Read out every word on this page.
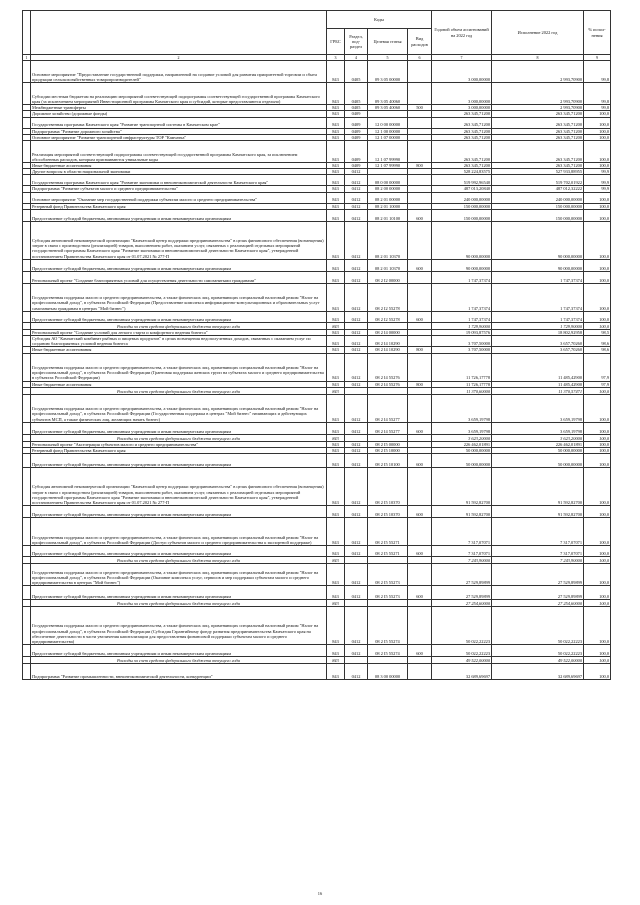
		Коды				Годовой объем ассигнований на 2022 год	Исполнение 2022 год	% испол-нения
		ГРБС	Раздел, под-раздел	Целевая статья	Вид расходов			
1	2	3	4	5	6	7	8	9
	Основное мероприятие "Предоставление государственной поддержки, направленной на создание условий для развития приоритетной торговли и сбыта продукции сельскохозяйственных товаропроизводителей"	843	0405	09 3 05 00000		3 000,00000	2 993,70900	99,8
	Субсидии местным бюджетам на реализацию мероприятий соответствующей подпрограммы соответствующей государственной программы Камчатского края (за исключением мероприятий Инвестиционной программы Камчатского края и субсидий, которые предоставляются отдельно)	843	0405	09 3 05 40060		3 000,00000	2 993,70900	99,8
	Межбюджетные трансферты	843	0405	09 3 05 40060	500	3 000,00000	2 993,70900	99,8
	Дорожное хозяйство (дорожные фонды)	843	0409			263 345,71200	263 345,71200	100,0
	Государственная программа Камчатского края "Развитие транспортной системы в Камчатском крае"	843	0409	12 0 00 00000		263 345,71200	263 345,71200	100,0
	Подпрограмма "Развитие дорожного хозяйства"	843	0409	12 1 00 00000		263 345,71200	263 345,71200	100,0
	Основное мероприятие "Развитие транспортной инфраструктуры ТОР "Камчатка"	843	0409	12 1 07 00000		263 345,71200	263 345,71200	100,0
	Реализация мероприятий соответствующей подпрограммы соответствующей государственной программы Камчатского края, за исключением обособленных расходов, которым присваиваются уникальные коды	843	0409	12 1 07 99990		263 345,71200	263 345,71200	100,0
	Иные бюджетные ассигнования	843	0409	12 1 07 99990	800	263 345,71200	263 345,71200	100,0
	Другие вопросы в области национальной экономики	843	0412			528 224,83575	527 933,88955	99,9
	Государственная программа Камчатского края "Развитие экономики и внешнеэкономической деятельности Камчатского края"	843	0412	08 0 00 00000		519 992,96540	519 702,01922	99,9
	Подпрограмма "Развитие субъектов малого и среднего предпринимательства"	843	0412	08 2 00 00000		487 013,20840	487 012,32222	99,9
	Основное мероприятие "Оказание мер государственной поддержки субъектам малого и среднего предпринимательства"	843	0412	08 2 01 00000		240 000,00000	240 000,00000	100,0
	Резервный фонд Правительства Камчатского края	843	0412	08 2 01 10000		150 000,00000	150 000,00000	100,0
	Предоставление субсидий бюджетным, автономным учреждениям и иным некоммерческим организациям	843	0412	08 2 01 10100	600	150 000,00000	150 000,00000	100,0
	Субсидия автономной некоммерческой организации "Камчатский центр поддержки предпринимательства" в целях финансового обеспечения (возмещения) затрат в связи с производством (реализацией) товаров, выполнением работ, оказанием услуг, связанных с реализацией отдельных мероприятий государственной программы Камчатского края "Развитие экономики и внешнеэкономической деятельности Камчатского края", утвержденной постановлением Правительства Камчатского края от 01.07.2021 № 277-П	843	0412	08 2 01 10370		90 000,00000	90 000,00000	100,0
	Предоставление субсидий бюджетным, автономным учреждениям и иным некоммерческим организациям	843	0412	08 2 01 10370	600	90 000,00000	90 000,00000	100,0
	Региональный проект "Создание благоприятных условий для осуществления деятельности самозанятыми гражданами"	843	0412	08 2 I2 00000		1 747,37374	1 747,37374	100,0
	Государственная поддержка малого и среднего предпринимательства, а также физических лиц, применяющих специальный налоговый режим "Налог на профессиональный доход", в субъектах Российской Федерации (Предоставление комплекса информационно-консультационных и образовательных услуг самозанятым гражданам в центрах "Мой бизнес")	843	0412	08 2 I2 55278		1 747,37374	1 747,37374	100,0
	Предоставление субсидий бюджетным, автономным учреждениям и иным некоммерческим организациям	843	0412	08 2 I2 55278	600	1 747,37374	1 747,37374	100,0
	Расходы за счет средств федерального бюджета текущего года	843				1 729,90000	1 729,90000	100,0
	Региональный проект "Создание условий для легкого старта и комфортного ведения бизнеса"	843	0412	08 2 I4 00000		19 093,87576	18 802,92958	98,5
	Субсидия АО "Камчатский комбинат рыбных и пищевых продуктов" в целях возмещения недополученных доходов, связанных с оказанием услуг по созданию благоприятных условий ведения бизнеса	843	0412	08 2 I4 10290		3 707,50000	3 657,70260	98,6
	Иные бюджетные ассигнования	843	0412	08 2 I4 10290	800	3 707,50000	3 657,70260	98,6
	Государственная поддержка малого и среднего предпринимательства, а также физических лиц, применяющих специальный налоговый режим "Налог на профессиональный доход", в субъектах Российской Федерации (Грантовая поддержка женских групп на субъектах малого и среднего предпринимательства в субъектах Российской Федерации)	843	0412	08 2 I4 55276		11 726,17778	11 485,42900	97,9
	Иные бюджетные ассигнования	843	0412	08 2 I4 55276	800	11 726,17778	11 485,42900	97,9
	Расходы за счет средств федерального бюджета текущего года	843				11 370,60000	11 370,57471	100,0
	Государственная поддержка малого и среднего предпринимательства, а также физических лиц, применяющих специальный налоговый режим "Налог на профессиональный доход", в субъектах Российской Федерации (Государственная поддержка в центрах "Мой бизнес" начинающих и действующих субъектов МСП, а также физических лиц, желающих начать бизнес)	843	0412	08 2 I4 55277		3 659,19798	3 659,19798	100,0
	Предоставление субсидий бюджетным, автономным учреждениям и иным некоммерческим организациям	843	0412	08 2 I4 55277	600	3 659,19798	3 659,19798	100,0
	Расходы за счет средств федерального бюджета текущего года	843				3 623,20000	3 623,20000	100,0
	Региональный проект "Акселерация субъектов малого и среднего предпринимательства"	843	0412	08 2 I5 00000		226 462,01891	226 462,01891	100,0
	Резервный фонд Правительства Камчатского края	843	0412	08 2 I5 10000		50 000,00000	50 000,00000	100,0
	Предоставление субсидий бюджетным, автономным учреждениям и иным некоммерческим организациям	843	0412	08 2 I5 10100	600	50 000,00000	50 000,00000	100,0
	Субсидия автономной некоммерческой организации "Камчатский центр поддержки предпринимательства" в целях финансового обеспечения (возмещения) затрат в связи с производством (реализацией) товаров, выполнением работ, оказанием услуг, связанных с реализацией отдельных мероприятий государственной программы Камчатского края "Развитие экономики и внешнеэкономической деятельности Камчатского края", утвержденной постановлением Правительства Камчатского края от 01.07.2021 № 277-П	843	0412	08 2 I5 10370		91 592,82700	91 592,82700	100,0
	Предоставление субсидий бюджетным, автономным учреждениям и иным некоммерческим организациям	843	0412	08 2 I5 10370	600	91 592,82700	91 592,82700	100,0
	Государственная поддержка малого и среднего предпринимательства, а также физических лиц, применяющих специальный налоговый режим "Налог на профессиональный доход", в субъектах Российской Федерации (Доступ субъектов малого и среднего предпринимательства к экспортной поддержке)	843	0412	08 2 I5 55271		7 317,07071	7 317,07071	100,0
	Предоставление субсидий бюджетным, автономным учреждениям и иным некоммерческим организациям	843	0412	08 2 I5 55271	600	7 317,07071	7 317,07071	100,0
	Расходы за счет средств федерального бюджета текущего года	843				7 243,90000	7 243,90000	100,0
	Государственная поддержка малого и среднего предпринимательства, а также физических лиц, применяющих специальный налоговый режим "Налог на профессиональный доход", в субъектах Российской Федерации (Оказание комплекса услуг, сервисов и мер поддержки субъектам малого и среднего предпринимательства в центрах "Мой бизнес")	843	0412	08 2 I5 55273		27 529,89899	27 529,89899	100,0
	Предоставление субсидий бюджетным, автономным учреждениям и иным некоммерческим организациям	843	0412	08 2 I5 55273	600	27 529,89899	27 529,89899	100,0
	Расходы за счет средств федерального бюджета текущего года	843				27 254,60000	27 254,60000	100,0
	Государственная поддержка малого и среднего предпринимательства, а также физических лиц, применяющих специальный налоговый режим "Налог на профессиональный доход", в субъектах Российской Федерации (Субсидия Гарантийному фонду развития предпринимательства Камчатского края на обеспечение деятельности в части увеличения капитализации для предоставления финансовой поддержки субъектам малого и среднего предпринимательства)	843	0412	08 2 I5 55274		50 022,22223	50 022,22223	100,0
	Предоставление субсидий бюджетным, автономным учреждениям и иным некоммерческим организациям	843	0412	08 2 I5 55274	600	50 022,22223	50 022,22223	100,0
	Расходы за счет средств федерального бюджета текущего года	843				49 522,00000	49 522,00000	100,0
	Подпрограмма "Развитие промышленности, внешнеэкономической деятельности, конкуренции"	843	0412	08 3 00 00000		32 689,69697	32 689,69697	100,0
16
